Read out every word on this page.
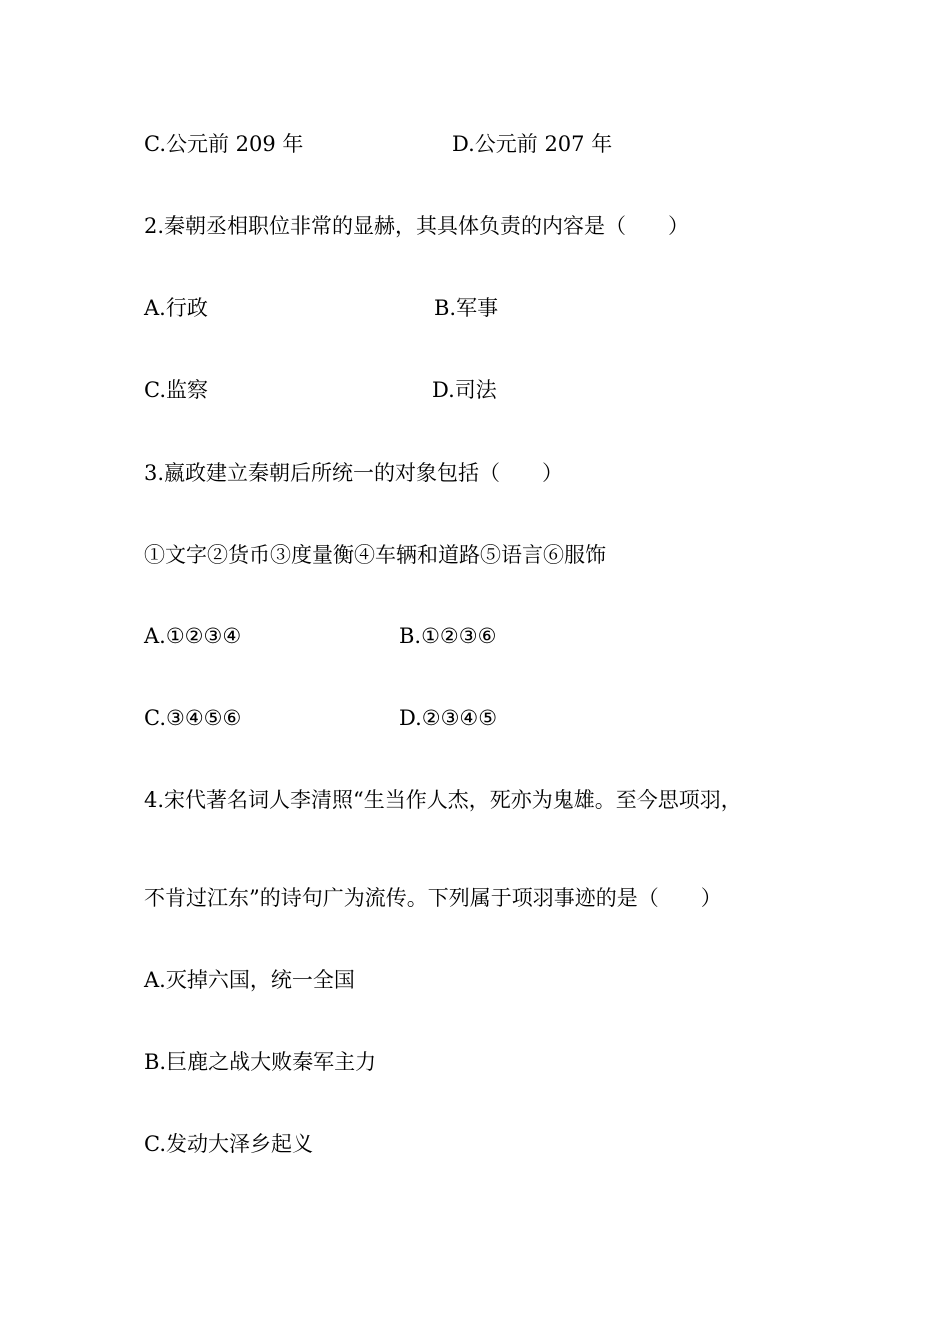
C.公元前 209 年	D.公元前 207 年
2.秦朝丞相职位非常的显赫，其具体负责的内容是（　　）
A.行政	B.军事
C.监察	D.司法
3.嬴政建立秦朝后所统一的对象包括（　　）
①文字②货币③度量衡④车辆和道路⑤语言⑥服饰
A.①②③④	B.①②③⑥
C.③④⑤⑥	D.②③④⑤
4.宋代著名词人李清照“生当作人杰，死亦为鬼雄。至今思项羽，
不肯过江东”的诗句广为流传。下列属于项羽事迹的是（　　）
A.灭掉六国，统一全国
B.巨鹿之战大败秦军主力
C.发动大泽乡起义
